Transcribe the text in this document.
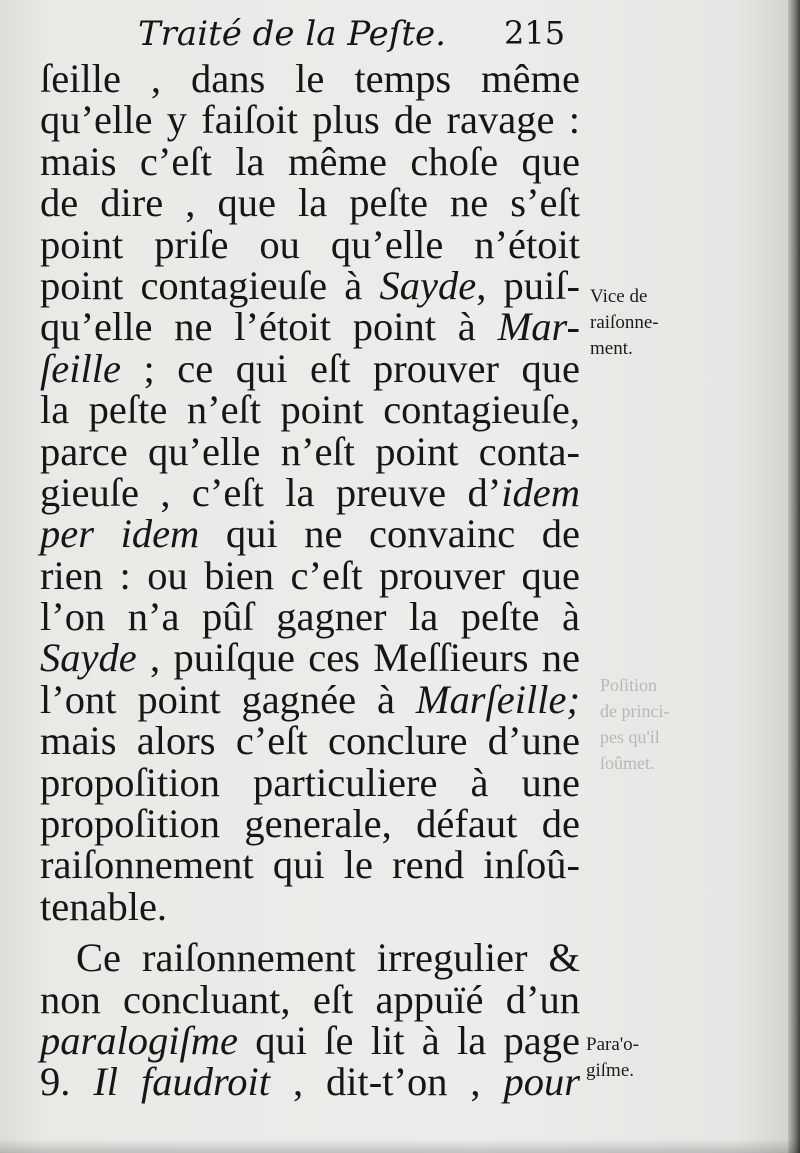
Traité de la Peſte. 215
ſeille , dans le temps même
qu’elle y faiſoit plus de ravage :
mais c’eſt la même choſe que
de dire , que la peſte ne s’eſt
point priſe ou qu’elle n’étoit
point contagieuſe à Sayde, puiſ-
qu’elle ne l’étoit point à Mar-
ſeille ; ce qui eſt prouver que
la peſte n’eſt point contagieuſe,
parce qu’elle n’eſt point conta-
gieuſe , c’eſt la preuve d’idem
per idem qui ne convainc de
rien : ou bien c’eſt prouver que
l’on n’a pûſ gagner la peſte à
Sayde , puiſque ces Meſſieurs ne
l’ont point gagnée à Marſeille;
mais alors c’eſt conclure d’une
propoſition particuliere à une
propoſition generale, défaut de
raiſonnement qui le rend inſoû-
tenable.
Ce raiſonnement irregulier &
non concluant, eſt appuïé d’un
paralogiſme qui ſe lit à la page
9. Il faudroit , dit-t’on , pour
Vice de
raiſonne-
ment.
Para'o-
giſme.
Poſition
de princi-
pes qu'il
ſoûmet.
